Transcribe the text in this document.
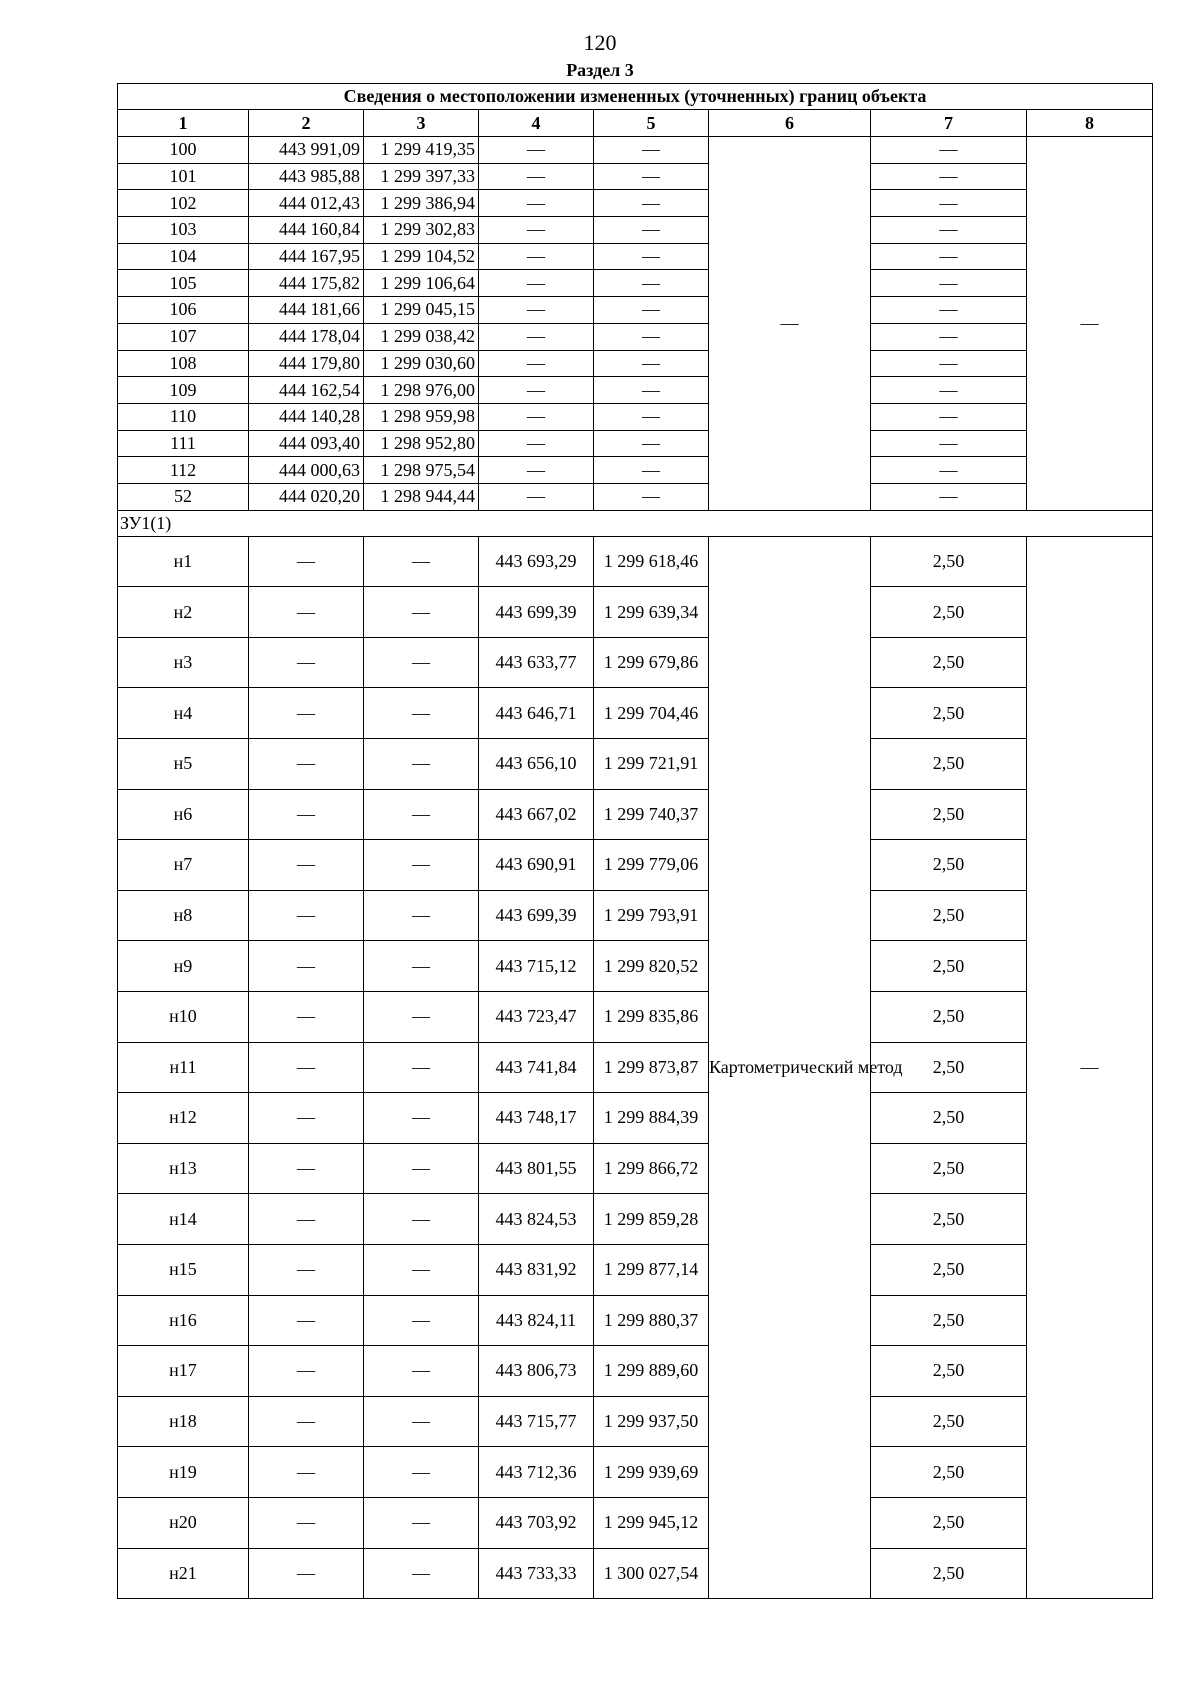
120
Раздел 3
Сведения о местоположении измененных (уточненных) границ объекта							
1	2	3	4	5	6	7	8
100	443 991,09	1 299 419,35	—	—	—	—	—
101	443 985,88	1 299 397,33	—	—		—	
102	444 012,43	1 299 386,94	—	—		—	
103	444 160,84	1 299 302,83	—	—		—	
104	444 167,95	1 299 104,52	—	—		—	
105	444 175,82	1 299 106,64	—	—		—	
106	444 181,66	1 299 045,15	—	—		—	
107	444 178,04	1 299 038,42	—	—		—	
108	444 179,80	1 299 030,60	—	—		—	
109	444 162,54	1 298 976,00	—	—		—	
110	444 140,28	1 298 959,98	—	—		—	
111	444 093,40	1 298 952,80	—	—		—	
112	444 000,63	1 298 975,54	—	—		—	
52	444 020,20	1 298 944,44	—	—		—	
ЗУ1(1)							
н1	—	—	443 693,29	1 299 618,46	Картометрический метод	2,50	—
н2	—	—	443 699,39	1 299 639,34		2,50	
н3	—	—	443 633,77	1 299 679,86		2,50	
н4	—	—	443 646,71	1 299 704,46		2,50	
н5	—	—	443 656,10	1 299 721,91		2,50	
н6	—	—	443 667,02	1 299 740,37		2,50	
н7	—	—	443 690,91	1 299 779,06		2,50	
н8	—	—	443 699,39	1 299 793,91		2,50	
н9	—	—	443 715,12	1 299 820,52		2,50	
н10	—	—	443 723,47	1 299 835,86		2,50	
н11	—	—	443 741,84	1 299 873,87		2,50	
н12	—	—	443 748,17	1 299 884,39		2,50	
н13	—	—	443 801,55	1 299 866,72		2,50	
н14	—	—	443 824,53	1 299 859,28		2,50	
н15	—	—	443 831,92	1 299 877,14		2,50	
н16	—	—	443 824,11	1 299 880,37		2,50	
н17	—	—	443 806,73	1 299 889,60		2,50	
н18	—	—	443 715,77	1 299 937,50		2,50	
н19	—	—	443 712,36	1 299 939,69		2,50	
н20	—	—	443 703,92	1 299 945,12		2,50	
н21	—	—	443 733,33	1 300 027,54		2,50	
